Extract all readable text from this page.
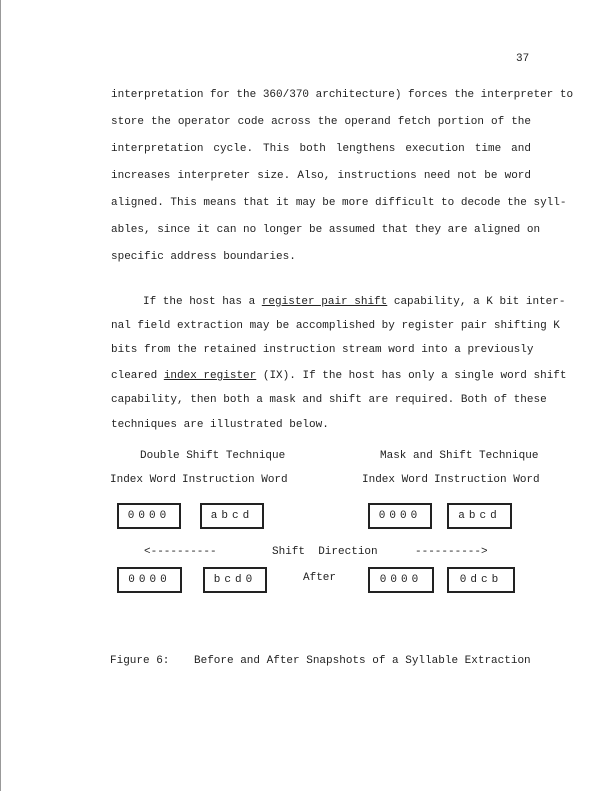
37
interpretation for the 360/370 architecture) forces the interpreter to
store the operator code across the operand fetch portion of the
interpretation cycle. This both lengthens execution time and
increases interpreter size. Also, instructions need not be word
aligned. This means that it may be more difficult to decode the syll-
ables, since it can no longer be assumed that they are aligned on
specific address boundaries.
If the host has a register pair shift capability, a K bit inter-
nal field extraction may be accomplished by register pair shifting K
bits from the retained instruction stream word into a previously
cleared index register (IX). If the host has only a single word shift
capability, then both a mask and shift are required. Both of these
techniques are illustrated below.
Double Shift Technique	Mask and Shift Technique
Index Word Instruction Word	Index Word Instruction Word
0000	abcd	0000	abcd
<----------	Shift  Direction	---------->
0000	bcd0	After	0000	0dcb
Figure 6: Before and After Snapshots of a Syllable Extraction
